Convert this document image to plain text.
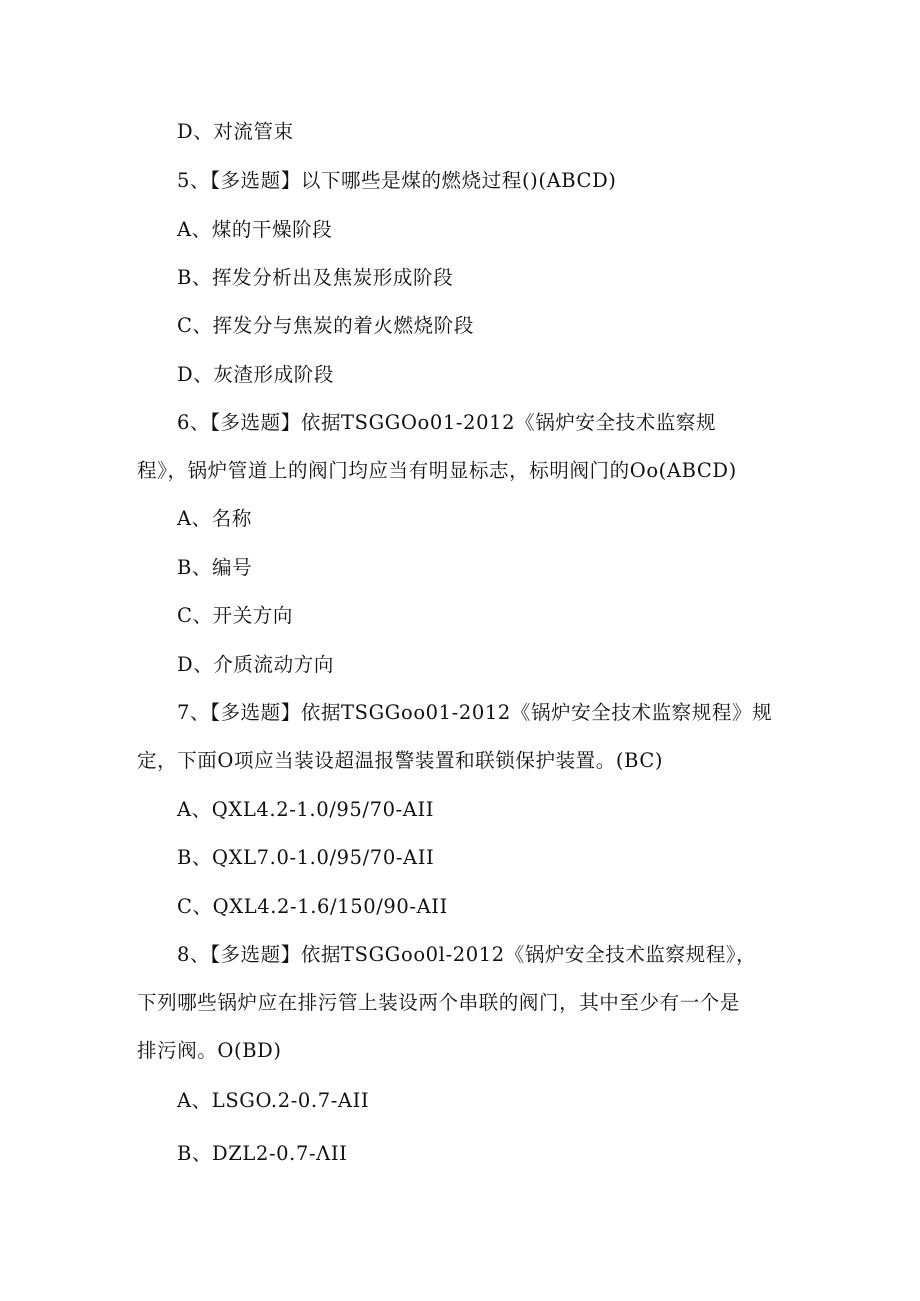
D、对流管束
5、【多选题】以下哪些是煤的燃烧过程()(ABCD)
A、煤的干燥阶段
B、挥发分析出及焦炭形成阶段
C、挥发分与焦炭的着火燃烧阶段
D、灰渣形成阶段
6、【多选题】依据TSGGOo01-2012《锅炉安全技术监察规
程》，锅炉管道上的阀门均应当有明显标志，标明阀门的Oo(ABCD)
A、名称
B、编号
C、开关方向
D、介质流动方向
7、【多选题】依据TSGGoo01-2012《锅炉安全技术监察规程》规
定，下面O项应当装设超温报警装置和联锁保护装置。(BC)
A、QXL4.2-1.0/95/70-AII
B、QXL7.0-1.0/95/70-AII
C、QXL4.2-1.6/150/90-AII
8、【多选题】依据TSGGoo0l-2012《锅炉安全技术监察规程》，
下列哪些锅炉应在排污管上装设两个串联的阀门，其中至少有一个是
排污阀。O(BD)
A、LSGO.2-0.7-AII
B、DZL2-0.7-ΛII
